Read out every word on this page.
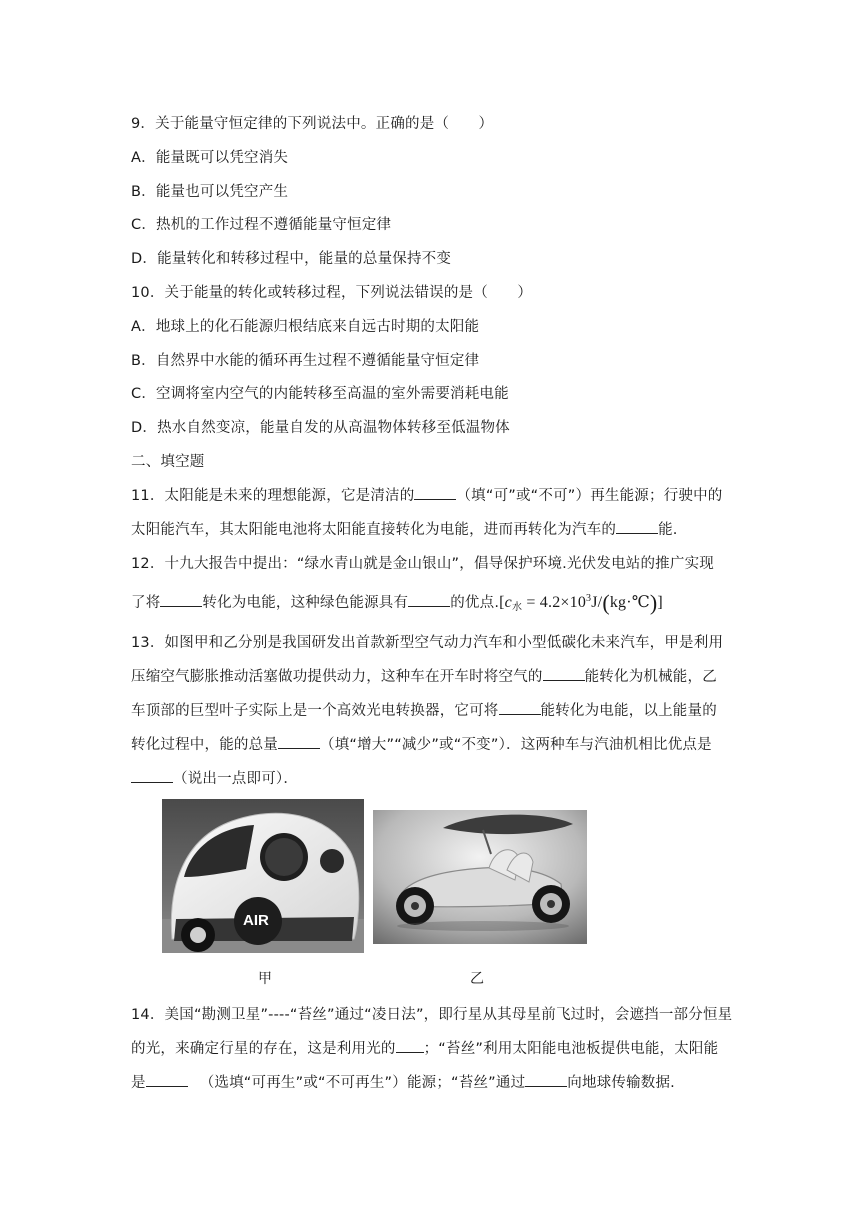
9．关于能量守恒定律的下列说法中。正确的是（　　）
A．能量既可以凭空消失
B．能量也可以凭空产生
C．热机的工作过程不遵循能量守恒定律
D．能量转化和转移过程中，能量的总量保持不变
10．关于能量的转化或转移过程，下列说法错误的是（　　）
A．地球上的化石能源归根结底来自远古时期的太阳能
B．自然界中水能的循环再生过程不遵循能量守恒定律
C．空调将室内空气的内能转移至高温的室外需要消耗电能
D．热水自然变凉，能量自发的从高温物体转移至低温物体
二、填空题
11．太阳能是未来的理想能源，它是清洁的	（填“可”或“不可”）再生能源；行驶中的
太阳能汽车，其太阳能电池将太阳能直接转化为电能，进而再转化为汽车的	能.
12．十九大报告中提出：“绿水青山就是金山银山”，倡导保护环境.光伏发电站的推广实现
了将	转化为电能，这种绿色能源具有	的优点$.[c_水$ = $4.2\times 10^3J/(kg\cdot℃)$]
13．如图甲和乙分别是我国研发出首款新型空气动力汽车和小型低碳化未来汽车，甲是利用
压缩空气膨胀推动活塞做功提供动力，这种车在开车时将空气的	能转化为机械能，乙
车顶部的巨型叶子实际上是一个高效光电转换器，它可将	能转化为电能，以上能量的
转化过程中，能的总量	（填“增大”“减少”或“不变”）．这两种车与汽油机相比优点是
（说出一点即可）．
AIR
甲	乙
14．美国“勘测卫星”----“苔丝”通过“凌日法”，即行星从其母星前飞过时，会遮挡一部分恒星
的光，来确定行星的存在，这是利用光的 ；“苔丝”利用太阳能电池板提供电能，太阳能
是	（选填“可再生”或“不可再生”）能源；“苔丝”通过	向地球传输数据.
